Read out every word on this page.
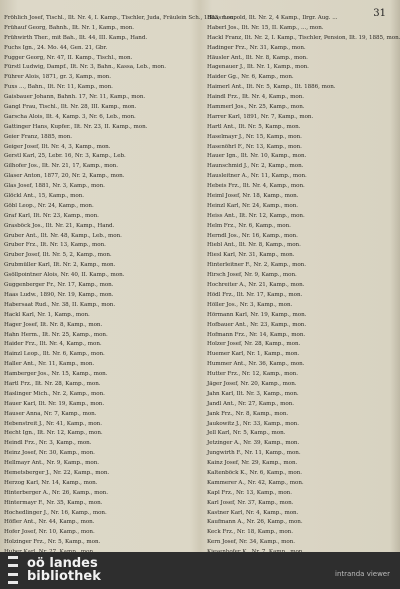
31
Fröhlich Josef, Tischl., Ilt. Nr. 4, I. Kamp., Tischler, Juda, Fräulein Sch., 1883, mon.
Frühauf Georg, Bahnh., Ilt. Nr. 1, Kamp., mon.
Frühwirth Ther., mit Bah., Ilt. 44, III. Kamp., Hand.
Fuchs Ign., 24. Mo. 44, Gen. 21, Gbr.
Fugger Georg, Nr. 47, II. Kamp., Tischl., mon.
Fürstl Ludwig, Dampf., Ilt. Nr. 3, Bahn., Kassa, Leb., mon.
Führer Alois, 1871, gr. 3, Kamp., mon.
Fuxs ..., Bahn., Ilt. Nr. 11, Kamp., mon.
Gaisbauer Johann, Bahnh. 17, Nr. 11, Kamp., mon.
Gangl Frau, Tischl., Ilt. Nr. 28, III. Kamp., mon.
Garscha Alois, Ilt. 4, Kamp. 3, Nr. 6, Leb., mon.
Gattinger Hans, Kupfer., Ilt. Nr. 23, II. Kamp., mon.
Geier Franz, 1885, mon.
Geiger Josef, Ilt. Nr. 4, 3, Kamp., mon.
Gerstl Karl, 25, Lebr. 16, Nr. 3, Kamp., Leb.
Gilhofer Jos., Ilt. Nr. 21, 17, Kamp., mon.
Glaser Anton, 1877, 20, Nr. 2, Kamp., mon.
Glas Josef, 1881, Nr. 3, Kamp., mon.
Glöckl Ant., 15, Kamp., mon.
Göbl Leop., Nr. 24, Kamp., mon.
Graf Karl, Ilt. Nr. 23, Kamp., mon.
Grasböck Jos., Ilt. Nr. 21, Kamp., Hand.
Gruber Ant., Ilt. Nr. 48, Kamp., Leb., mon.
Gruber Frz., Ilt. Nr. 13, Kamp., mon.
Gruber Josef, Ilt. Nr. 5, 2, Kamp., mon.
Grubmüller Karl, Ilt. Nr. 2, Kamp., mon.
Gsöllpointner Alois, Nr. 40, II. Kamp., mon.
Guggenberger Fr., Nr. 17, Kamp., mon.
Haas Ludw., 1890, Nr. 19, Kamp., mon.
Habersaat Rud., Nr. 38, II. Kamp., mon.
Hackl Karl, Nr. 1, Kamp., mon.
Hager Josef, Ilt. Nr. 8, Kamp., mon.
Hahn Herm., Ilt. Nr. 25, Kamp., mon.
Haider Frz., Ilt. Nr. 4, Kamp., mon.
Hainzl Leop., Ilt. Nr. 6, Kamp., mon.
Haller Ant., Nr. 11, Kamp., mon.
Hamberger Jos., Nr. 15, Kamp., mon.
Hartl Frz., Ilt. Nr. 28, Kamp., mon.
Haslinger Mich., Nr. 2, Kamp., mon.
Hauer Karl, Ilt. Nr. 19, Kamp., mon.
Hauser Anna, Nr. 7, Kamp., mon.
Hebenstreit J., Nr. 41, Kamp., mon.
Hecht Ign., Ilt. Nr. 12, Kamp., mon.
Heindl Frz., Nr. 3, Kamp., mon.
Heinz Josef, Nr. 30, Kamp., mon.
Hellmayr Ant., Nr. 9, Kamp., mon.
Hemetsberger J., Nr. 22, Kamp., mon.
Herzog Karl, Nr. 14, Kamp., mon.
Hinterberger A., Nr. 26, Kamp., mon.
Hintermayr F., Nr. 35, Kamp., mon.
Hochedlinger J., Nr. 16, Kamp., mon.
Höfler Ant., Nr. 44, Kamp., mon.
Hofer Josef, Nr. 10, Kamp., mon.
Holzinger Frz., Nr. 5, Kamp., mon.
Haas Leopold, Ilt. Nr. 2, 4 Kamp., Ilrgr. Aug. ...
Haberl Jos., Ilt. Nr. 15, II. Kamp., ..., mon.
Hackl Franz, Ilt. Nr. 2, I. Kamp., Tischler, Pension, Ilt. 19, 1885, mon.
Hadinger Frz., Nr. 31, Kamp., mon.
Häusler Ant., Ilt. Nr. 8, Kamp., mon.
Hagenauer J., Ilt. Nr. 1, Kamp., mon.
Haider Gg., Nr. 6, Kamp., mon.
Haimerl Ant., Ilt. Nr. 5, Kamp., Ilt. 1886, mon.
Haindl Frz., Ilt. Nr. 4, Kamp., mon.
Hammerl Jos., Nr. 25, Kamp., mon.
Harrer Karl, 1891, Nr. 7, Kamp., mon.
Hartl Ant., Ilt. Nr. 5, Kamp., mon.
Haselmayr J., Nr. 15, Kamp., mon.
Hasenöhrl F., Nr. 13, Kamp., mon.
Hauer Ign., Ilt. Nr. 10, Kamp., mon.
Haunschmid J., Nr. 2, Kamp., mon.
Hausleitner A., Nr. 11, Kamp., mon.
Hebeis Frz., Ilt. Nr. 4, Kamp., mon.
Heiml Josef, Nr. 18, Kamp., mon.
Heinzl Karl, Nr. 24, Kamp., mon.
Heiss Ant., Ilt. Nr. 12, Kamp., mon.
Helm Frz., Nr. 6, Kamp., mon.
Herndl Jos., Nr. 16, Kamp., mon.
Hiebl Ant., Ilt. Nr. 8, Kamp., mon.
Hiesl Karl, Nr. 31, Kamp., mon.
Hinterleitner F., Nr. 2, Kamp., mon.
Hirsch Josef, Nr. 9, Kamp., mon.
Hochreiter A., Nr. 21, Kamp., mon.
Hödl Frz., Ilt. Nr. 17, Kamp., mon.
Höller Jos., Nr. 3, Kamp., mon.
Hörmann Karl, Nr. 19, Kamp., mon.
Hofbauer Ant., Nr. 23, Kamp., mon.
Hofmann Frz., Nr. 14, Kamp., mon.
Holzer Josef, Nr. 28, Kamp., mon.
Huemer Karl, Nr. 1, Kamp., mon.
Hummer Ant., Nr. 36, Kamp., mon.
Hutter Frz., Nr. 12, Kamp., mon.
Jäger Josef, Nr. 20, Kamp., mon.
Jahn Karl, Ilt. Nr. 3, Kamp., mon.
Jandl Ant., Nr. 27, Kamp., mon.
Jank Frz., Nr. 8, Kamp., mon.
Jaukowitz J., Nr. 33, Kamp., mon.
Jell Karl, Nr. 5, Kamp., mon.
Jetzinger A., Nr. 39, Kamp., mon.
Jungwirth F., Nr. 11, Kamp., mon.
Kainz Josef, Nr. 29, Kamp., mon.
Kaltenböck K., Nr. 6, Kamp., mon.
Kammerer A., Nr. 42, Kamp., mon.
Kapl Frz., Nr. 13, Kamp., mon.
Karl Josef, Nr. 37, Kamp., mon.
Kastner Karl, Nr. 4, Kamp., mon.
Kaufmann A., Nr. 26, Kamp., mon.
Keck Frz., Nr. 18, Kamp., mon.
Kern Josef, Nr. 34, Kamp., mon.
oö landes
bibliothek	intranda viewer
